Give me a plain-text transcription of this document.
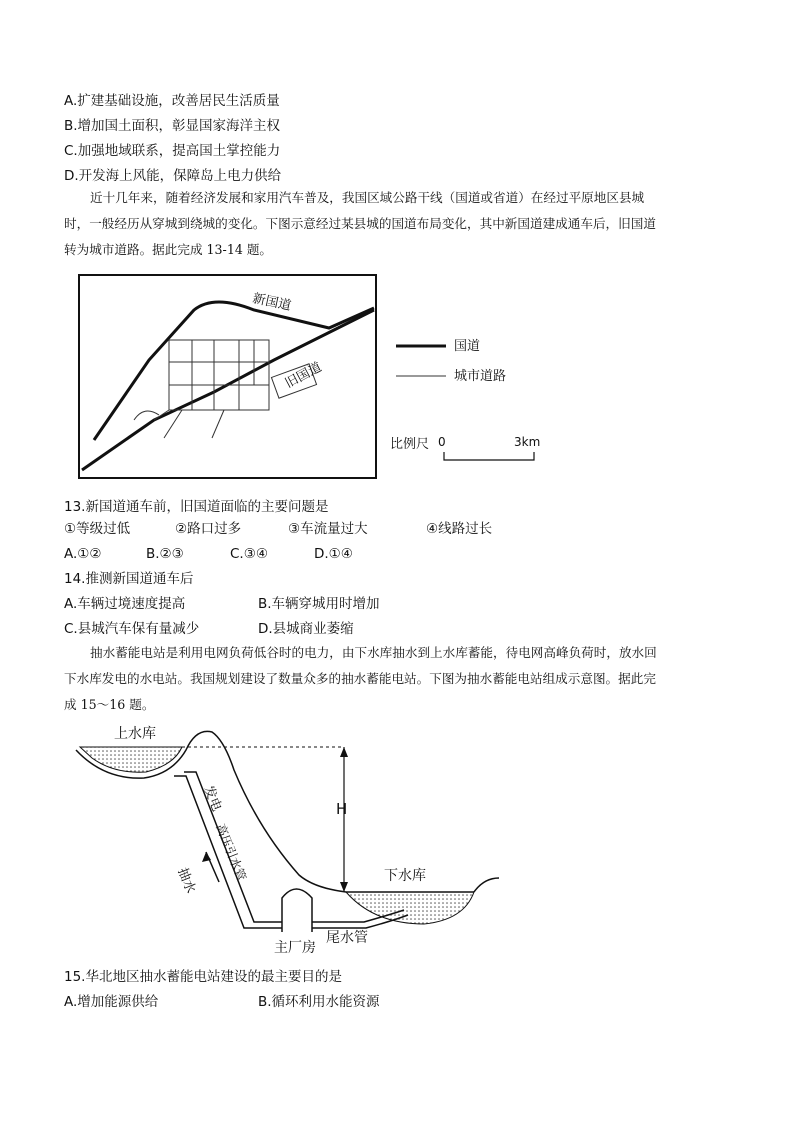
A.扩建基础设施，改善居民生活质量
B.增加国土面积，彰显国家海洋主权
C.加强地域联系，提高国土掌控能力
D.开发海上风能，保障岛上电力供给
近十几年来，随着经济发展和家用汽车普及，我国区域公路干线（国道或省道）在经过平原地区县城
时，一般经历从穿城到绕城的变化。下图示意经过某县城的国道布局变化，其中新国道建成通车后，旧国道
转为城市道路。据此完成 13-14 题。
新国道
旧国道
国道
城市道路
比例尺 0	3km
13.新国道通车前，旧国道面临的主要问题是
①等级过低	②路口过多	③车流量过大	④线路过长
A.①②	B.②③	C.③④	D.①④
14.推测新国道通车后
A.车辆过境速度提高	B.车辆穿城用时增加
C.县城汽车保有量减少	D.县城商业萎缩
抽水蓄能电站是利用电网负荷低谷时的电力，由下水库抽水到上水库蓄能，待电网高峰负荷时，放水回
下水库发电的水电站。我国规划建设了数量众多的抽水蓄能电站。下图为抽水蓄能电站组成示意图。据此完
成 15～16 题。
H
上水库
下水库
发电
高压引水管
抽水
主厂房
尾水管
15.华北地区抽水蓄能电站建设的最主要目的是
A.增加能源供给	B.循环利用水能资源
